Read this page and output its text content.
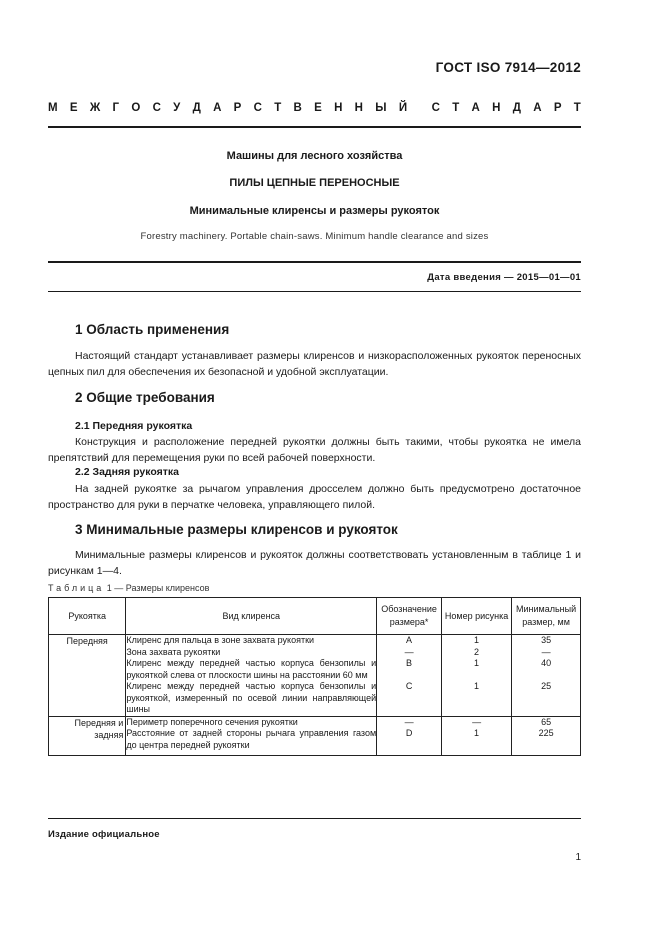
ГОСТ ISO 7914—2012
М Е Ж Г О С У Д А Р С Т В Е Н Н Ы Й С Т А Н Д А Р Т
Машины для лесного хозяйства
ПИЛЫ ЦЕПНЫЕ ПЕРЕНОСНЫЕ
Минимальные клиренсы и размеры рукояток
Forestry machinery. Portable chain-saws. Minimum handle clearance and sizes
Дата введения — 2015—01—01
1 Область применения
Настоящий стандарт устанавливает размеры клиренсов и низкорасположенных рукояток переносных цепных пил для обеспечения их безопасной и удобной эксплуатации.
2 Общие требования
2.1 Передняя рукоятка
Конструкция и расположение передней рукоятки должны быть такими, чтобы рукоятка не имела препятствий для перемещения руки по всей рабочей поверхности.
2.2 Задняя рукоятка
На задней рукоятке за рычагом управления дросселем должно быть предусмотрено достаточное пространство для руки в перчатке человека, управляющего пилой.
3 Минимальные размеры клиренсов и рукояток
Минимальные размеры клиренсов и рукояток должны соответствовать установленным в таблице 1 и рисункам 1—4.
Таблица 1 — Размеры клиренсов
Рукоятка	Вид клиренса	Обозначение размера*	Номер рисунка	Минимальный размер, мм
Передняя	Клиренс для пальца в зоне захвата рукоятки	A	1	35
	Зона захвата рукоятки	—	2	—
	Клиренс между передней частью корпуса бензопилы и рукояткой слева от плоскости шины на расстоянии 60 мм	B	1	40
	Клиренс между передней частью корпуса бензопилы и рукояткой, измеренный по осевой линии направляющей шины	C	1	25

Передняя и задняя	Периметр поперечного сечения рукоятки	—	—	65
	Расстояние от задней стороны рычага управления газом до центра передней рукоятки	D	1	225
Издание официальное
1
